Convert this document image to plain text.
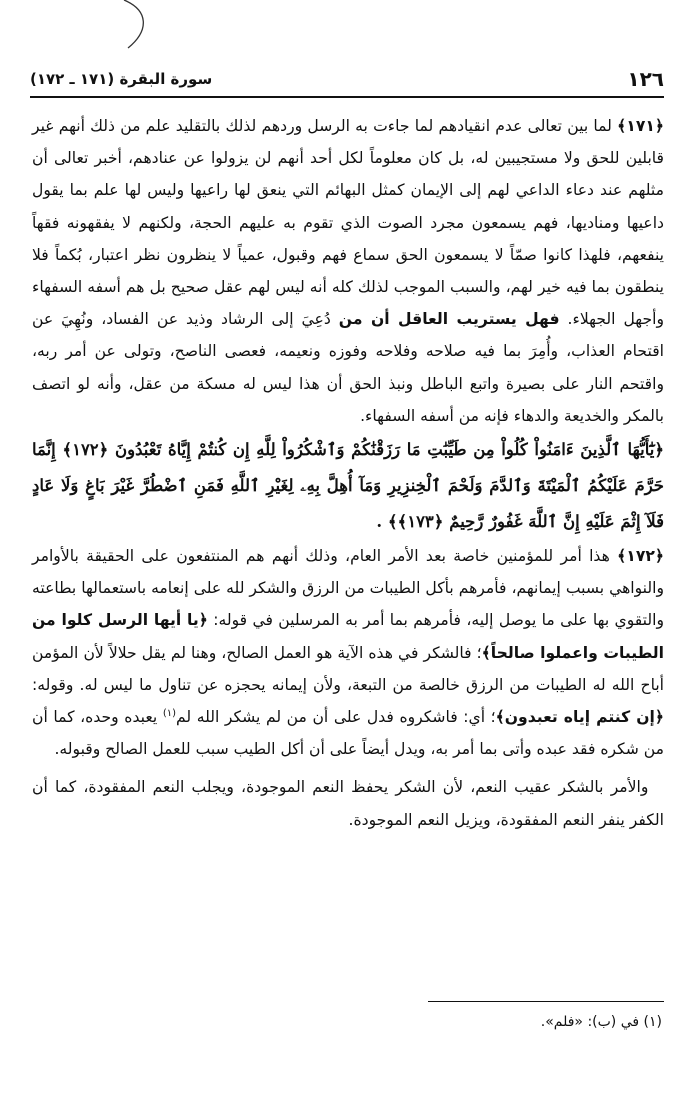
١٢٦
سورة البقرة (١٧١ ـ ١٧٢)

﴿١٧١﴾ لما بين تعالى عدم انقيادهم لما جاءت به الرسل وردهم لذلك بالتقليد علم من ذلك أنهم غير قابلين للحق ولا مستجيبين له، بل كان معلوماً لكل أحد أنهم لن يزولوا عن عنادهم، أخبر تعالى أن مثلهم عند دعاء الداعي لهم إلى الإيمان كمثل البهائم التي ينعق لها راعيها وليس لها علم بما يقول داعيها ومناديها، فهم يسمعون مجرد الصوت الذي تقوم به عليهم الحجة، ولكنهم لا يفقهونه فقهاً ينفعهم، فلهذا كانوا صمّاً لا يسمعون الحق سماع فهم وقبول، عمياً لا ينظرون نظر اعتبار، بُكماً فلا ينطقون بما فيه خير لهم، والسبب الموجب لذلك كله أنه ليس لهم عقل صحيح بل هم أسفه السفهاء وأجهل الجهلاء. فهل يستريب العاقل أن من دُعِيَ إلى الرشاد وذيد عن الفساد، ونُهِيَ عن اقتحام العذاب، وأُمِرَ بما فيه صلاحه وفلاحه وفوزه ونعيمه، فعصى الناصح، وتولى عن أمر ربه، واقتحم النار على بصيرة واتبع الباطل ونبذ الحق أن هذا ليس له مسكة من عقل، وأنه لو اتصف بالمكر والخديعة والدهاء فإنه من أسفه السفهاء.

﴿يَٰٓأَيُّهَا ٱلَّذِينَ ءَامَنُواْ كُلُواْ مِن طَيِّبَٰتِ مَا رَزَقْنَٰكُمْ وَٱشْكُرُواْ لِلَّهِ إِن كُنتُمْ إِيَّاهُ تَعْبُدُونَ ﴿١٧٢﴾ إِنَّمَا حَرَّمَ عَلَيْكُمُ ٱلْمَيْتَةَ وَٱلدَّمَ وَلَحْمَ ٱلْخِنزِيرِ وَمَآ أُهِلَّ بِهِۦ لِغَيْرِ ٱللَّهِ فَمَنِ ٱضْطُرَّ غَيْرَ بَاغٍ وَلَا عَادٍ فَلَآ إِثْمَ عَلَيْهِ إِنَّ ٱللَّهَ غَفُورٌ رَّحِيمٌ ﴿١٧٣﴾﴾ .

﴿١٧٢﴾ هذا أمر للمؤمنين خاصة بعد الأمر العام، وذلك أنهم هم المنتفعون على الحقيقة بالأوامر والنواهي بسبب إيمانهم، فأمرهم بأكل الطيبات من الرزق والشكر لله على إنعامه باستعمالها بطاعته والتقوي بها على ما يوصل إليه، فأمرهم بما أمر به المرسلين في قوله: ﴿يا أيها الرسل كلوا من الطيبات واعملوا صالحاً﴾؛ فالشكر في هذه الآية هو العمل الصالح، وهنا لم يقل حلالاً لأن المؤمن أباح الله له الطيبات من الرزق خالصة من التبعة، ولأن إيمانه يحجزه عن تناول ما ليس له. وقوله: ﴿إن كنتم إياه تعبدون﴾؛ أي: فاشكروه فدل على أن من لم يشكر الله لم$^{(١)}$ يعبده وحده، كما أن من شكره فقد عبده وأتى بما أمر به، ويدل أيضاً على أن أكل الطيب سبب للعمل الصالح وقبوله.

 والأمر بالشكر عقيب النعم، لأن الشكر يحفظ النعم الموجودة، ويجلب النعم المفقودة، كما أن الكفر ينفر النعم المفقودة، ويزيل النعم الموجودة.

(١) في (ب): «فلم».
